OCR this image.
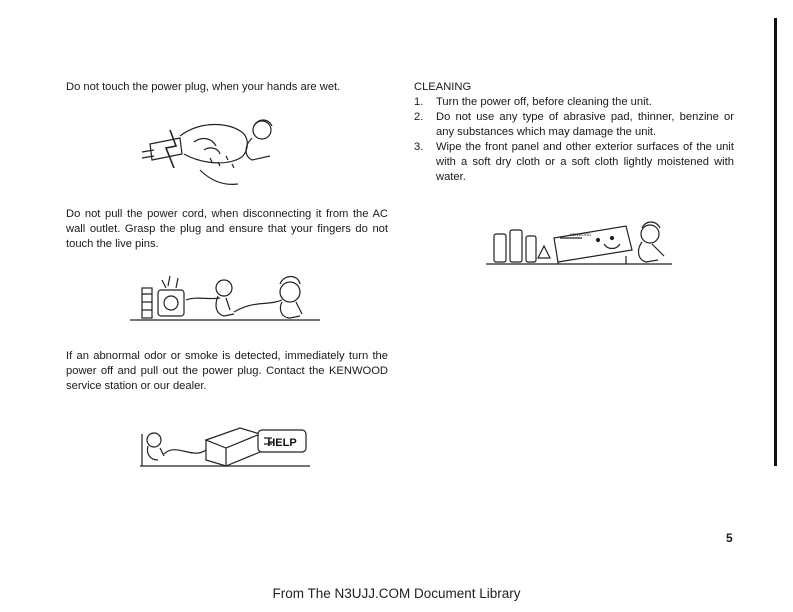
Do not touch the power plug, when your hands are wet.

Do not pull the power cord, when disconnecting it from the AC wall outlet. Grasp the plug and ensure that your fingers do not touch the live pins.

If an abnormal odor or smoke is detected, immediately turn the power off and pull out the power plug. Contact the KENWOOD service station or our dealer.

HELP
CLEANING
1. Turn the power off, before cleaning the unit.
2. Do not use any type of abrasive pad, thinner, benzine or any substances which may damage the unit.
3. Wipe the front panel and other exterior surfaces of the unit with a soft dry cloth or a soft cloth lightly moistened with water.
KENWOOD
5
From The N3UJJ.COM Document Library
